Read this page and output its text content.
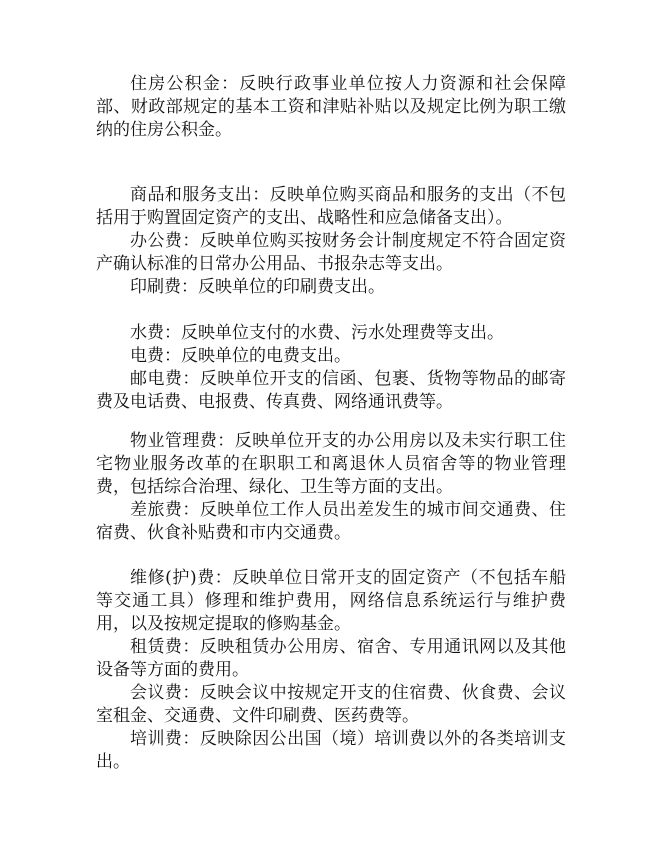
住房公积金：反映行政事业单位按人力资源和社会保障部、财政部规定的基本工资和津贴补贴以及规定比例为职工缴纳的住房公积金。

商品和服务支出：反映单位购买商品和服务的支出（不包括用于购置固定资产的支出、战略性和应急储备支出）。

办公费：反映单位购买按财务会计制度规定不符合固定资产确认标准的日常办公用品、书报杂志等支出。

印刷费：反映单位的印刷费支出。

水费：反映单位支付的水费、污水处理费等支出。

电费：反映单位的电费支出。

邮电费：反映单位开支的信函、包裹、货物等物品的邮寄费及电话费、电报费、传真费、网络通讯费等。

物业管理费：反映单位开支的办公用房以及未实行职工住宅物业服务改革的在职职工和离退休人员宿舍等的物业管理费，包括综合治理、绿化、卫生等方面的支出。

差旅费：反映单位工作人员出差发生的城市间交通费、住宿费、伙食补贴费和市内交通费。

维修(护)费：反映单位日常开支的固定资产（不包括车船等交通工具）修理和维护费用，网络信息系统运行与维护费用，以及按规定提取的修购基金。

租赁费：反映租赁办公用房、宿舍、专用通讯网以及其他设备等方面的费用。

会议费：反映会议中按规定开支的住宿费、伙食费、会议室租金、交通费、文件印刷费、医药费等。

培训费：反映除因公出国（境）培训费以外的各类培训支出。
